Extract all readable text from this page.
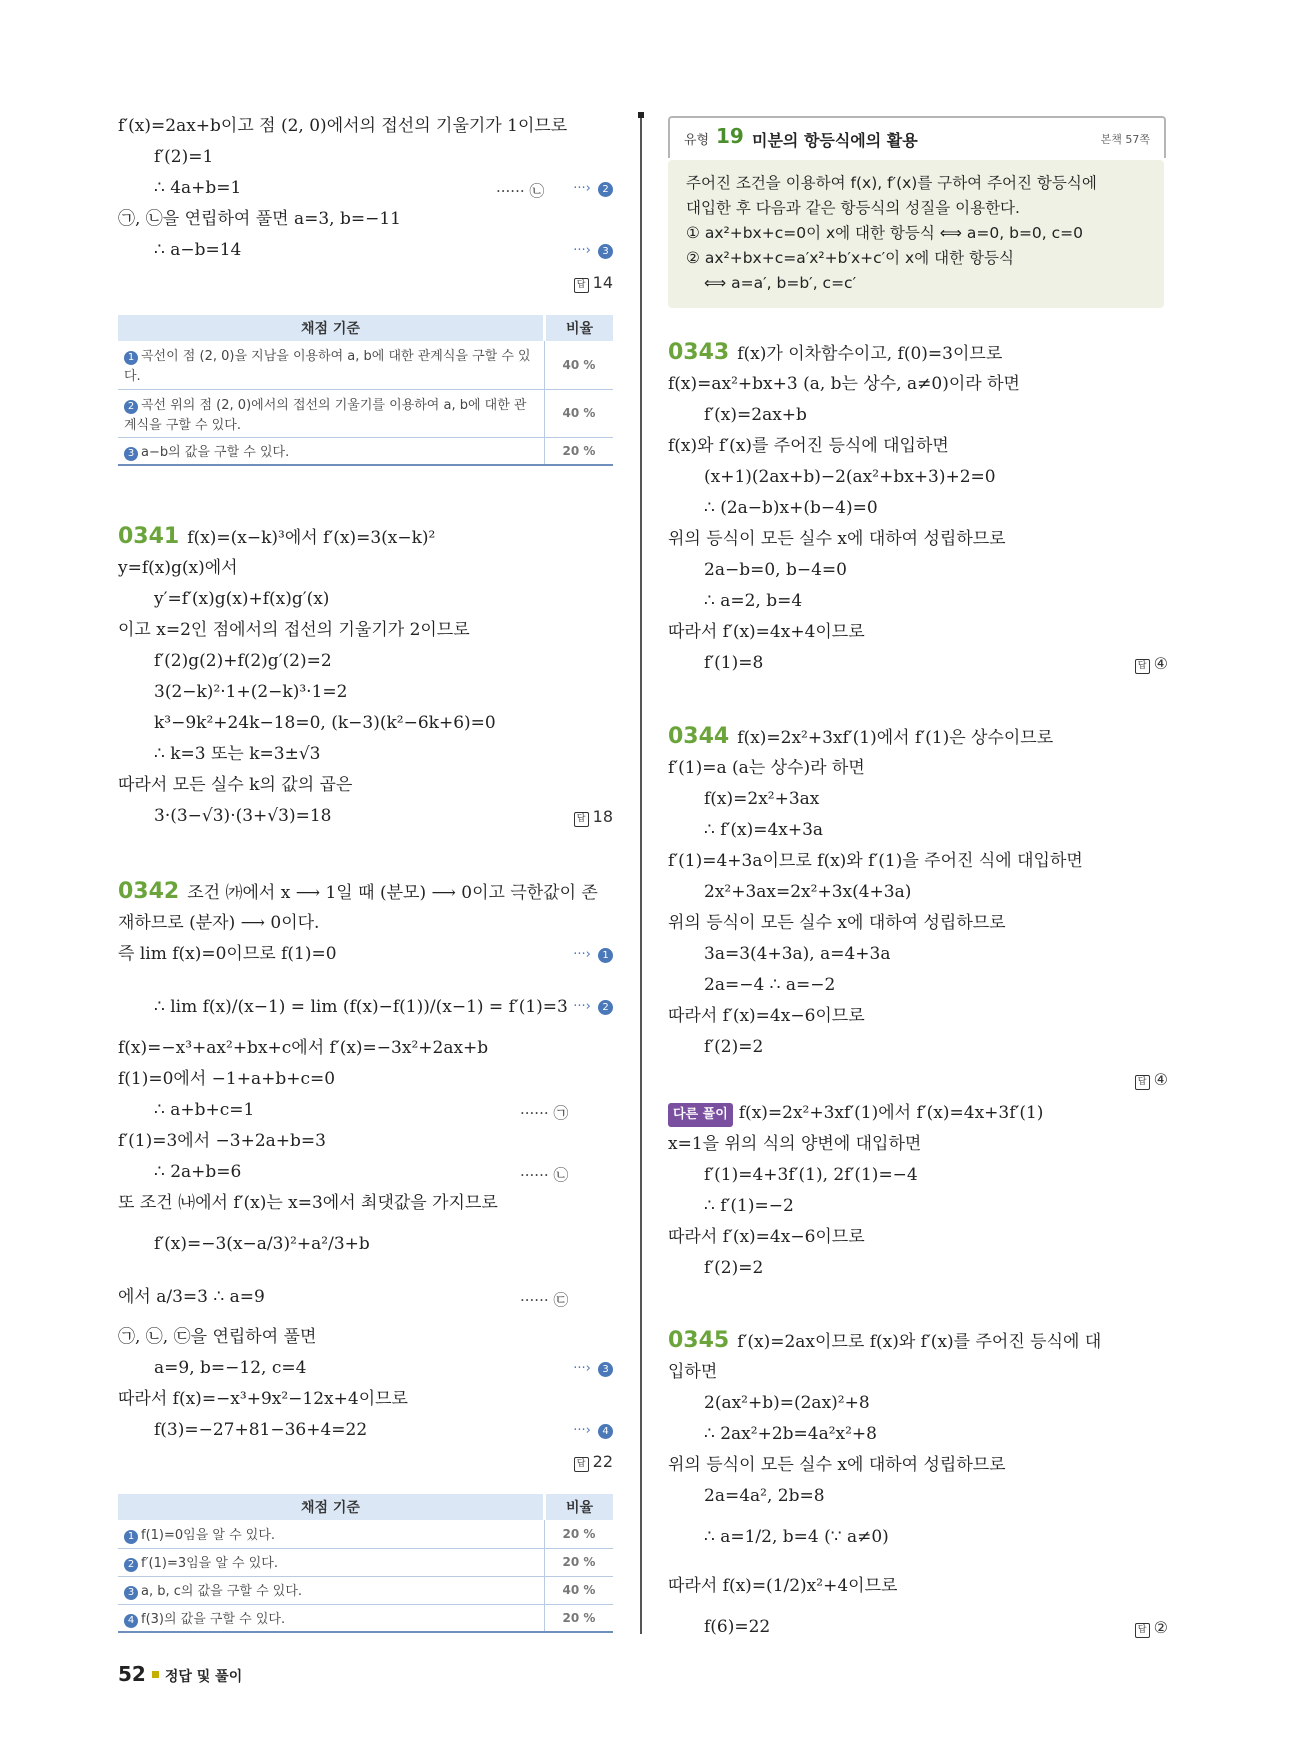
f′(x)=2ax+b이고 점 (2, 0)에서의 접선의 기울기가 1이므로
f′(2)=1
∴ 4a+b=1	······ ㉡ ···› 2
㉠, ㉡을 연립하여 풀면 a=3, b=−11
∴ a−b=14	···› 3
답 14
채점 기준	비율
1 곡선이 점 (2, 0)을 지남을 이용하여 a, b에 대한 관계식을 구할 수 있다.	40 %
2 곡선 위의 점 (2, 0)에서의 접선의 기울기를 이용하여 a, b에 대한 관계식을 구할 수 있다.	40 %
3 a−b의 값을 구할 수 있다.	20 %
0341 f(x)=(x−k)³에서 f′(x)=3(x−k)²
y=f(x)g(x)에서
y′=f′(x)g(x)+f(x)g′(x)
이고 x=2인 점에서의 접선의 기울기가 2이므로
f′(2)g(2)+f(2)g′(2)=2
3(2−k)²·1+(2−k)³·1=2
k³−9k²+24k−18=0, (k−3)(k²−6k+6)=0
∴ k=3 또는 k=3±√3
따라서 모든 실수 k의 값의 곱은
3·(3−√3)·(3+√3)=18	답 18
0342 조건 ㈎에서 x ⟶ 1일 때 (분모) ⟶ 0이고 극한값이 존
재하므로 (분자) ⟶ 0이다.
즉 lim f(x)=0이므로 f(1)=0	···› 1
∴ lim f(x)/(x−1) = lim (f(x)−f(1))/(x−1) = f′(1)=3 ···› 2
f(x)=−x³+ax²+bx+c에서 f′(x)=−3x²+2ax+b
f(1)=0에서 −1+a+b+c=0
∴ a+b+c=1	······ ㉠
f′(1)=3에서 −3+2a+b=3
∴ 2a+b=6	······ ㉡
또 조건 ㈏에서 f′(x)는 x=3에서 최댓값을 가지므로
f′(x)=−3(x−a/3)²+a²/3+b
에서 a/3=3 ∴ a=9	······ ㉢
㉠, ㉡, ㉢을 연립하여 풀면
a=9, b=−12, c=4	···› 3
따라서 f(x)=−x³+9x²−12x+4이므로
f(3)=−27+81−36+4=22	···› 4
답 22
채점 기준	비율
1 f(1)=0임을 알 수 있다.	20 %
2 f′(1)=3임을 알 수 있다.	20 %
3 a, b, c의 값을 구할 수 있다.	40 %
4 f(3)의 값을 구할 수 있다.	20 %
유형 19 미분의 항등식에의 활용	본책 57쪽
주어진 조건을 이용하여 f(x), f′(x)를 구하여 주어진 항등식에
대입한 후 다음과 같은 항등식의 성질을 이용한다.
① ax²+bx+c=0이 x에 대한 항등식 ⟺ a=0, b=0, c=0
② ax²+bx+c=a′x²+b′x+c′이 x에 대한 항등식
⟺ a=a′, b=b′, c=c′
0343 f(x)가 이차함수이고, f(0)=3이므로
f(x)=ax²+bx+3 (a, b는 상수, a≠0)이라 하면
f′(x)=2ax+b
f(x)와 f′(x)를 주어진 등식에 대입하면
(x+1)(2ax+b)−2(ax²+bx+3)+2=0
∴ (2a−b)x+(b−4)=0
위의 등식이 모든 실수 x에 대하여 성립하므로
2a−b=0, b−4=0
∴ a=2, b=4
따라서 f′(x)=4x+4이므로
f′(1)=8	답 ④
0344 f(x)=2x²+3xf′(1)에서 f′(1)은 상수이므로
f′(1)=a (a는 상수)라 하면
f(x)=2x²+3ax
∴ f′(x)=4x+3a
f′(1)=4+3a이므로 f(x)와 f′(1)을 주어진 식에 대입하면
2x²+3ax=2x²+3x(4+3a)
위의 등식이 모든 실수 x에 대하여 성립하므로
3a=3(4+3a), a=4+3a
2a=−4 ∴ a=−2
따라서 f′(x)=4x−6이므로
f′(2)=2
답 ④
다른 풀이 f(x)=2x²+3xf′(1)에서 f′(x)=4x+3f′(1)
x=1을 위의 식의 양변에 대입하면
f′(1)=4+3f′(1), 2f′(1)=−4
∴ f′(1)=−2
따라서 f′(x)=4x−6이므로
f′(2)=2
0345 f′(x)=2ax이므로 f(x)와 f′(x)를 주어진 등식에 대
입하면
2(ax²+b)=(2ax)²+8
∴ 2ax²+2b=4a²x²+8
위의 등식이 모든 실수 x에 대하여 성립하므로
2a=4a², 2b=8
∴ a=1/2, b=4 (∵ a≠0)
따라서 f(x)=(1/2)x²+4이므로
f(6)=22	답 ②
52 정답 및 풀이
